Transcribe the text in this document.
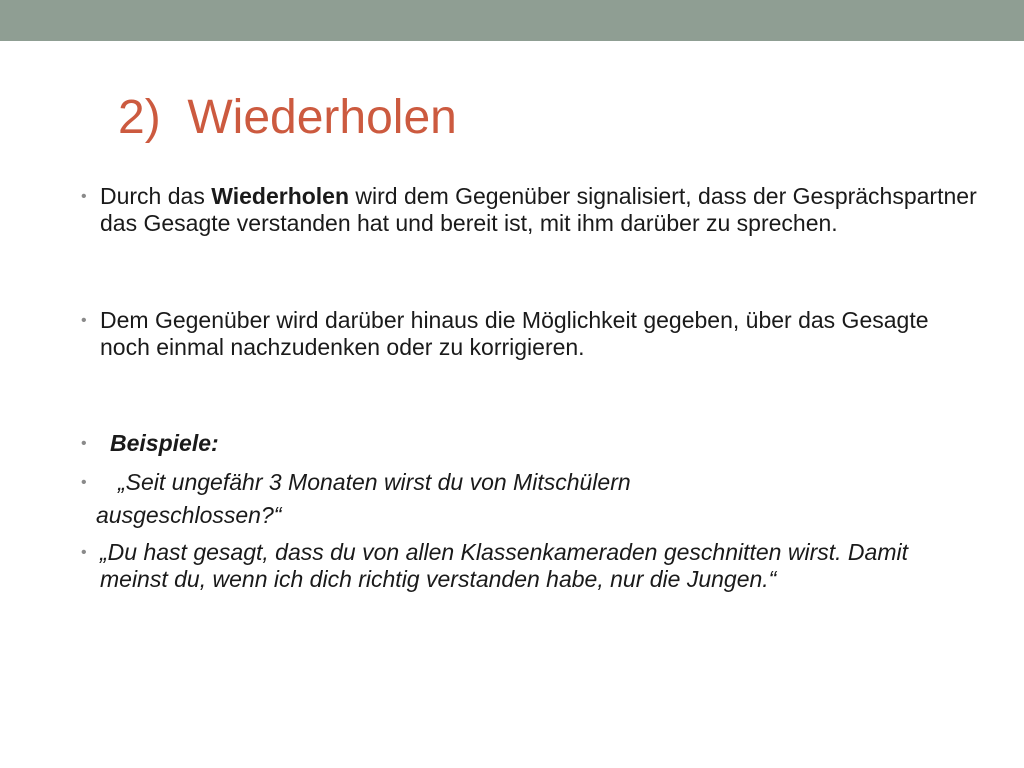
2)  Wiederholen
• Durch das Wiederholen wird dem Gegenüber signalisiert, dass der Gesprächspartner das Gesagte verstanden hat und bereit ist, mit ihm darüber zu sprechen.
• Dem Gegenüber wird darüber hinaus die Möglichkeit gegeben, über das Gesagte noch einmal nachzudenken oder zu korrigieren.
• Beispiele:
• „Seit ungefähr 3 Monaten wirst du von Mitschülern
ausgeschlossen?“
• „Du hast gesagt, dass du von allen Klassenkameraden geschnitten wirst. Damit meinst du, wenn ich dich richtig verstanden habe, nur die Jungen.“
